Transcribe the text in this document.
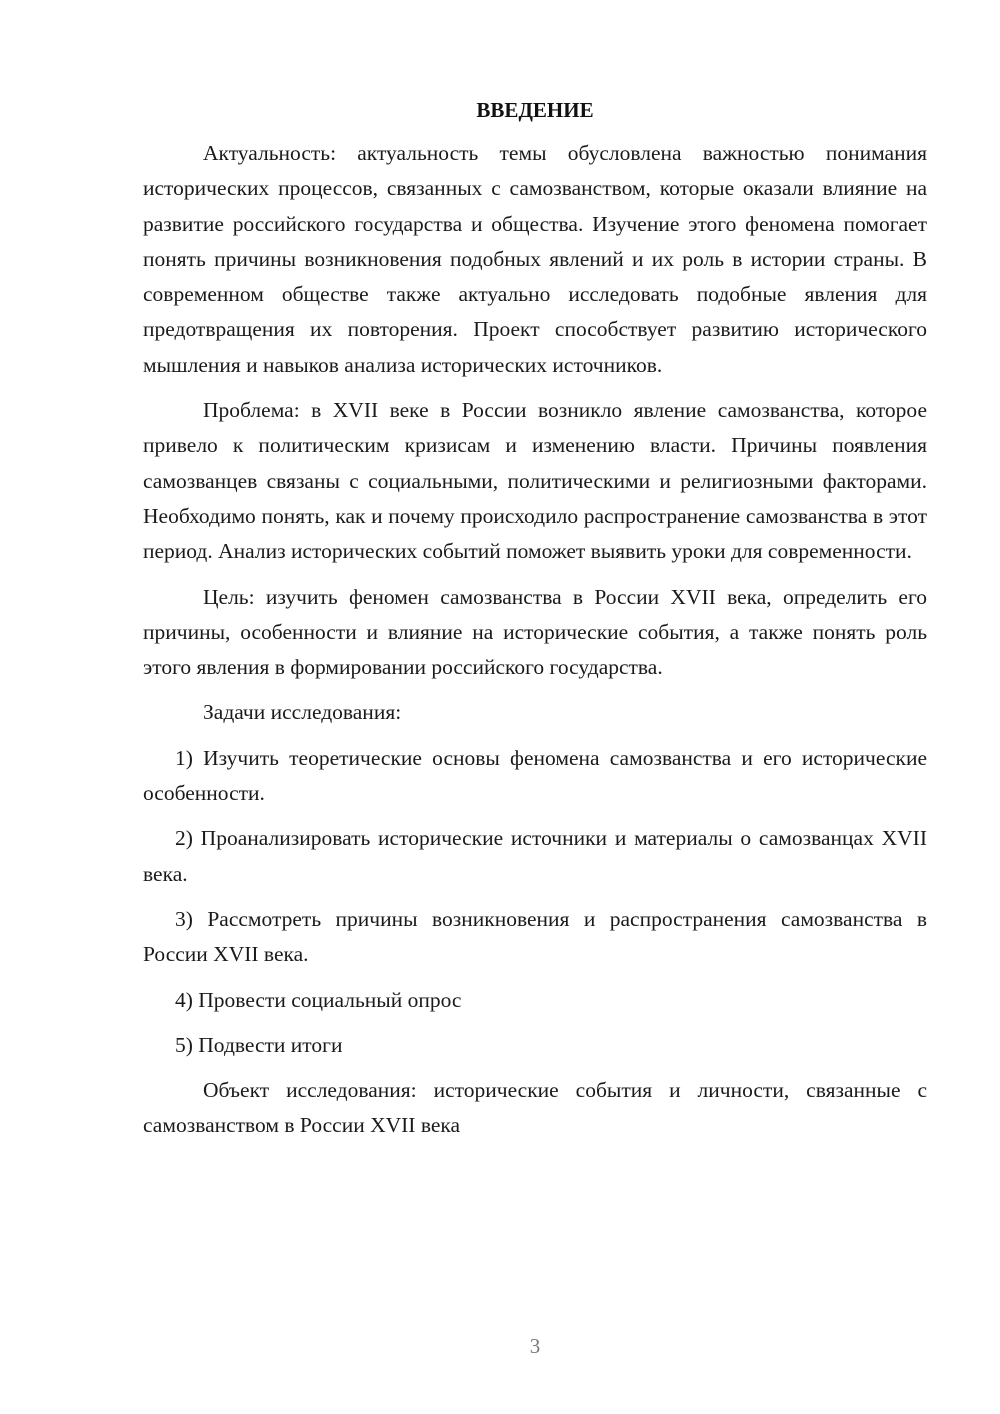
ВВЕДЕНИЕ

Актуальность: актуальность темы обусловлена важностью понимания исторических процессов, связанных с самозванством, которые оказали влияние на развитие российского государства и общества. Изучение этого феномена помогает понять причины возникновения подобных явлений и их роль в истории страны. В современном обществе также актуально исследовать подобные явления для предотвращения их повторения. Проект способствует развитию исторического мышления и навыков анализа исторических источников.

Проблема: в XVII веке в России возникло явление самозванства, которое привело к политическим кризисам и изменению власти. Причины появления самозванцев связаны с социальными, политическими и религиозными факторами. Необходимо понять, как и почему происходило распространение самозванства в этот период. Анализ исторических событий поможет выявить уроки для современности.

Цель: изучить феномен самозванства в России XVII века, определить его причины, особенности и влияние на исторические события, а также понять роль этого явления в формировании российского государства.

Задачи исследования:

1) Изучить теоретические основы феномена самозванства и его исторические особенности.

2) Проанализировать исторические источники и материалы о самозванцах XVII века.

3) Рассмотреть причины возникновения и распространения самозванства в России XVII века.

4) Провести социальный опрос

5) Подвести итоги

Объект исследования: исторические события и личности, связанные с самозванством в России XVII века

3
